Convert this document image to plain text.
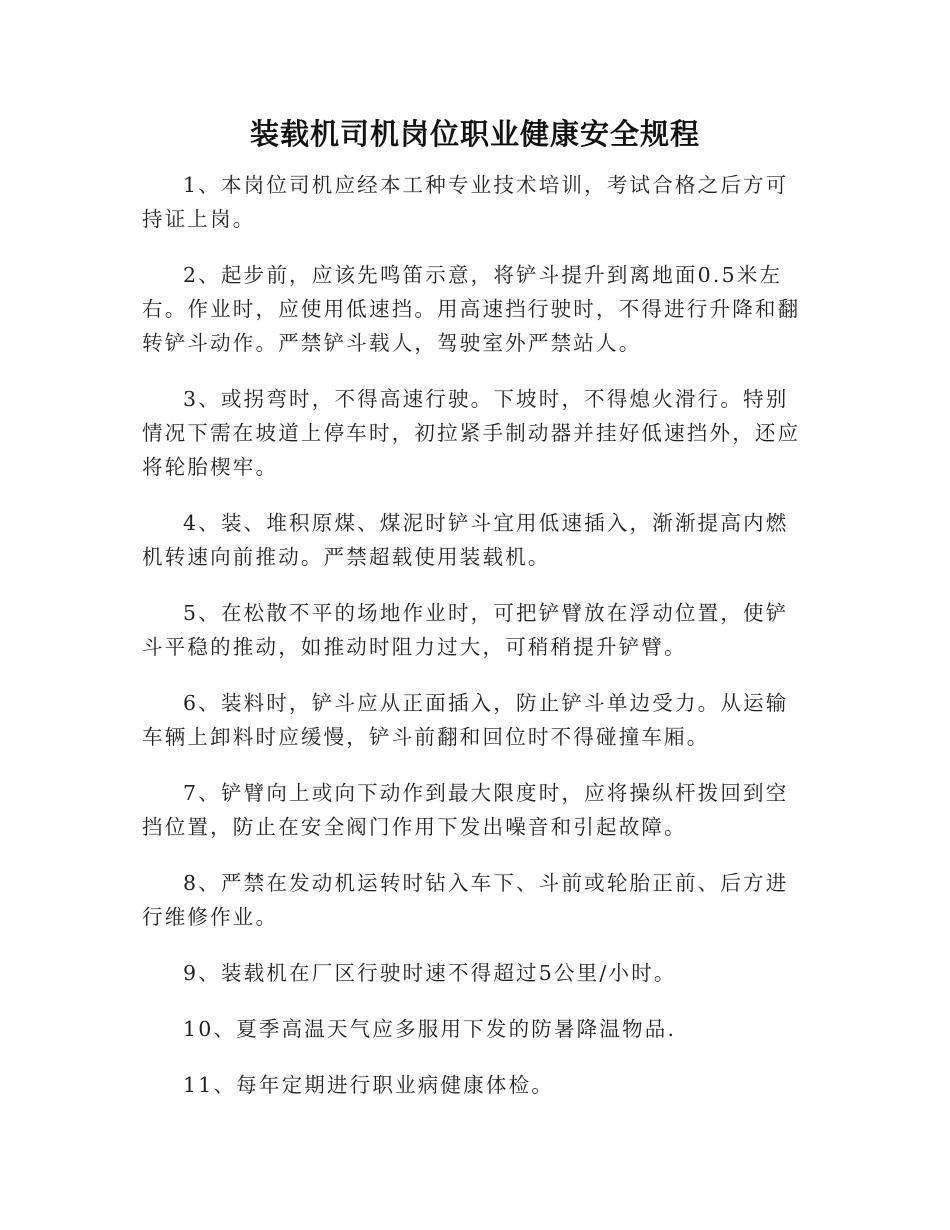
装载机司机岗位职业健康安全规程

1、本岗位司机应经本工种专业技术培训，考试合格之后方可持证上岗。

2、起步前，应该先鸣笛示意，将铲斗提升到离地面0.5米左右。作业时，应使用低速挡。用高速挡行驶时，不得进行升降和翻转铲斗动作。严禁铲斗载人，驾驶室外严禁站人。

3、或拐弯时，不得高速行驶。下坡时，不得熄火滑行。特别情况下需在坡道上停车时，初拉紧手制动器并挂好低速挡外，还应将轮胎楔牢。

4、装、堆积原煤、煤泥时铲斗宜用低速插入，渐渐提高内燃机转速向前推动。严禁超载使用装载机。

5、在松散不平的场地作业时，可把铲臂放在浮动位置，使铲斗平稳的推动，如推动时阻力过大，可稍稍提升铲臂。

6、装料时，铲斗应从正面插入，防止铲斗单边受力。从运输车辆上卸料时应缓慢，铲斗前翻和回位时不得碰撞车厢。

7、铲臂向上或向下动作到最大限度时，应将操纵杆拨回到空挡位置，防止在安全阀门作用下发出噪音和引起故障。

8、严禁在发动机运转时钻入车下、斗前或轮胎正前、后方进行维修作业。

9、装载机在厂区行驶时速不得超过5公里/小时。

10、夏季高温天气应多服用下发的防暑降温物品.

11、每年定期进行职业病健康体检。
